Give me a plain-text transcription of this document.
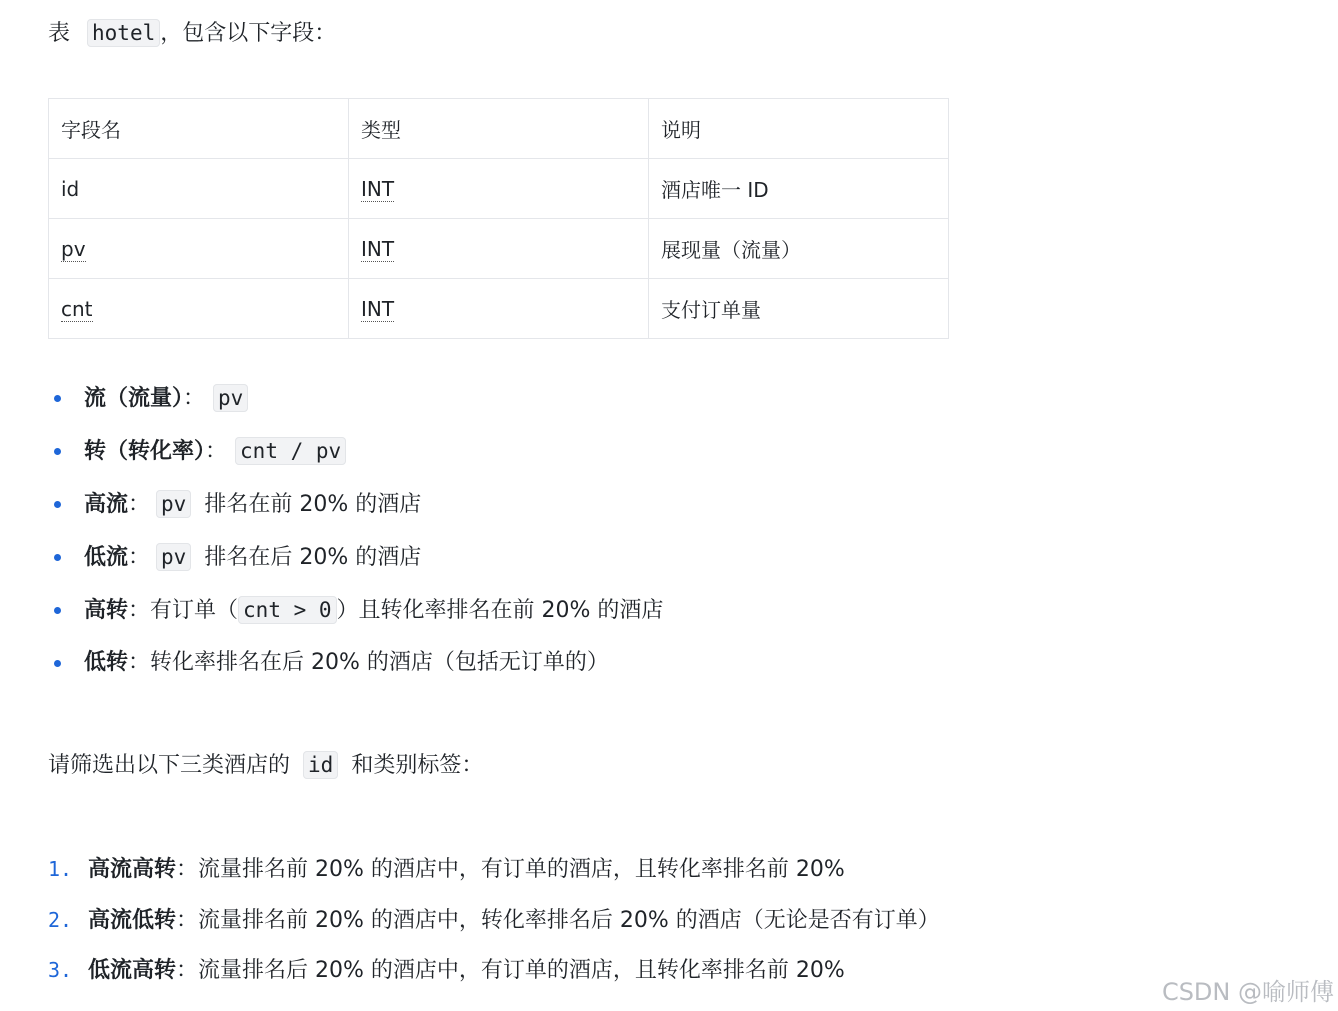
表 hotel ，包含以下字段：
字段名	类型	说明
id	INT	酒店唯一 ID
pv	INT	展现量（流量）
cnt	INT	支付订单量
流（流量）： pv
转（转化率）： cnt / pv
高流： pv 排名在前 20% 的酒店
低流： pv 排名在后 20% 的酒店
高转：有订单（ cnt > 0 ）且转化率排名在前 20% 的酒店
低转：转化率排名在后 20% 的酒店（包括无订单的）
请筛选出以下三类酒店的 id 和类别标签：
1. 高流高转：流量排名前 20% 的酒店中，有订单的酒店，且转化率排名前 20%
2. 高流低转：流量排名前 20% 的酒店中，转化率排名后 20% 的酒店（无论是否有订单）
3. 低流高转：流量排名后 20% 的酒店中，有订单的酒店，且转化率排名前 20%
CSDN @喻师傅
